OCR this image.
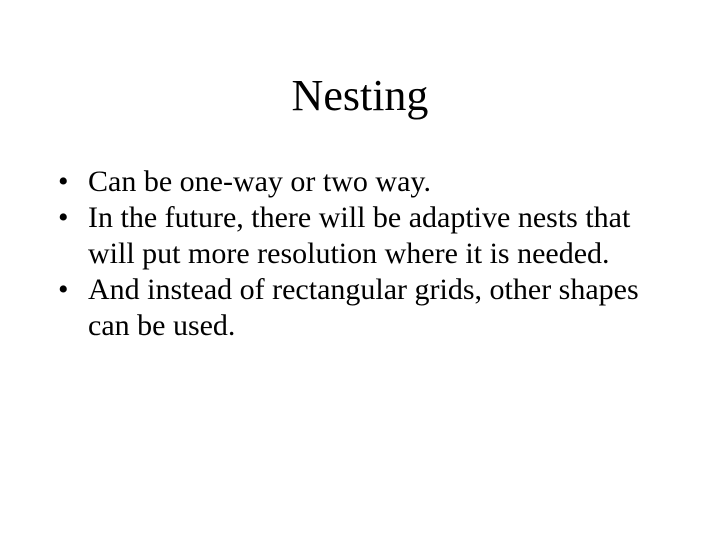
Nesting
• Can be one-way or two way.
• In the future, there will be adaptive nests that will put more resolution where it is needed.
• And instead of rectangular grids, other shapes can be used.
